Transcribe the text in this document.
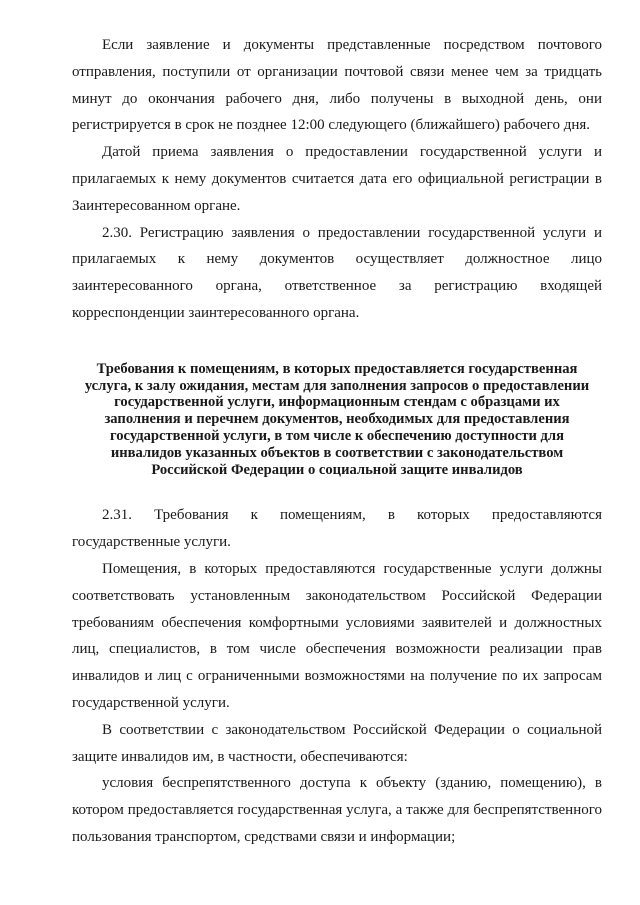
Если заявление и документы представленные посредством почтового отправления, поступили от организации почтовой связи менее чем за тридцать минут до окончания рабочего дня, либо получены в выходной день, они регистрируется в срок не позднее 12:00 следующего (ближайшего) рабочего дня.

Датой приема заявления о предоставлении государственной услуги и прилагаемых к нему документов считается дата его официальной регистрации в Заинтересованном органе.

2.30. Регистрацию заявления о предоставлении государственной услуги и прилагаемых к нему документов осуществляет должностное лицо заинтересованного органа, ответственное за регистрацию входящей корреспонденции заинтересованного органа.

Требования к помещениям, в которых предоставляется государственная

услуга, к залу ожидания, местам для заполнения запросов о предоставлении

государственной услуги, информационным стендам с образцами их

заполнения и перечнем документов, необходимых для предоставления

государственной услуги, в том числе к обеспечению доступности для

инвалидов указанных объектов в соответствии с законодательством

Российской Федерации о социальной защите инвалидов

2.31. Требования к помещениям, в которых предоставляются государственные услуги.

Помещения, в которых предоставляются государственные услуги должны соответствовать установленным законодательством Российской Федерации требованиям обеспечения комфортными условиями заявителей и должностных лиц, специалистов, в том числе обеспечения возможности реализации прав инвалидов и лиц с ограниченными возможностями на получение по их запросам государственной услуги.

В соответствии с законодательством Российской Федерации о социальной защите инвалидов им, в частности, обеспечиваются:

условия беспрепятственного доступа к объекту (зданию, помещению), в котором предоставляется государственная услуга, а также для беспрепятственного пользования транспортом, средствами связи и информации;
